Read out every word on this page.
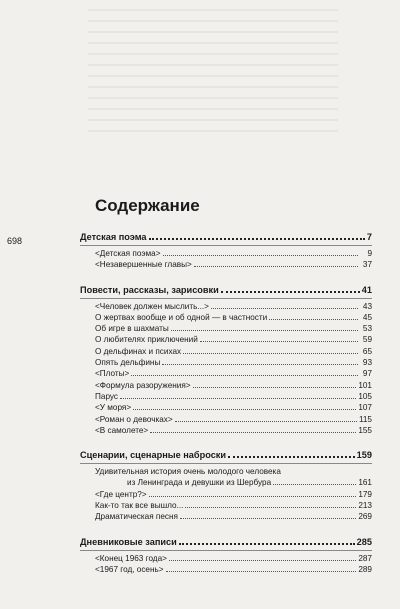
698
Содержание
Детская поэма	7
<Детская поэма>	9
<Незавершенные главы>	37
Повести, рассказы, зарисовки	41
<Человек должен мыслить...>	43
О жертвах вообще и об одной — в частности	45
Об игре в шахматы	53
О любителях приключений	59
О дельфинах и психах	65
Опять дельфины	93
<Плоты>	97
<Формула разоружения>	101
Парус	105
<У моря>	107
<Роман о девочках>	115
<В самолете>	155
Сценарии, сценарные наброски	159
Удивительная история очень молодого человека
из Ленинграда и девушки из Шербура	161
<Где центр?>	179
Как-то так все вышло...	213
Драматическая песня	269
Дневниковые записи	285
<Конец 1963 года>	287
<1967 год, осень>	289
